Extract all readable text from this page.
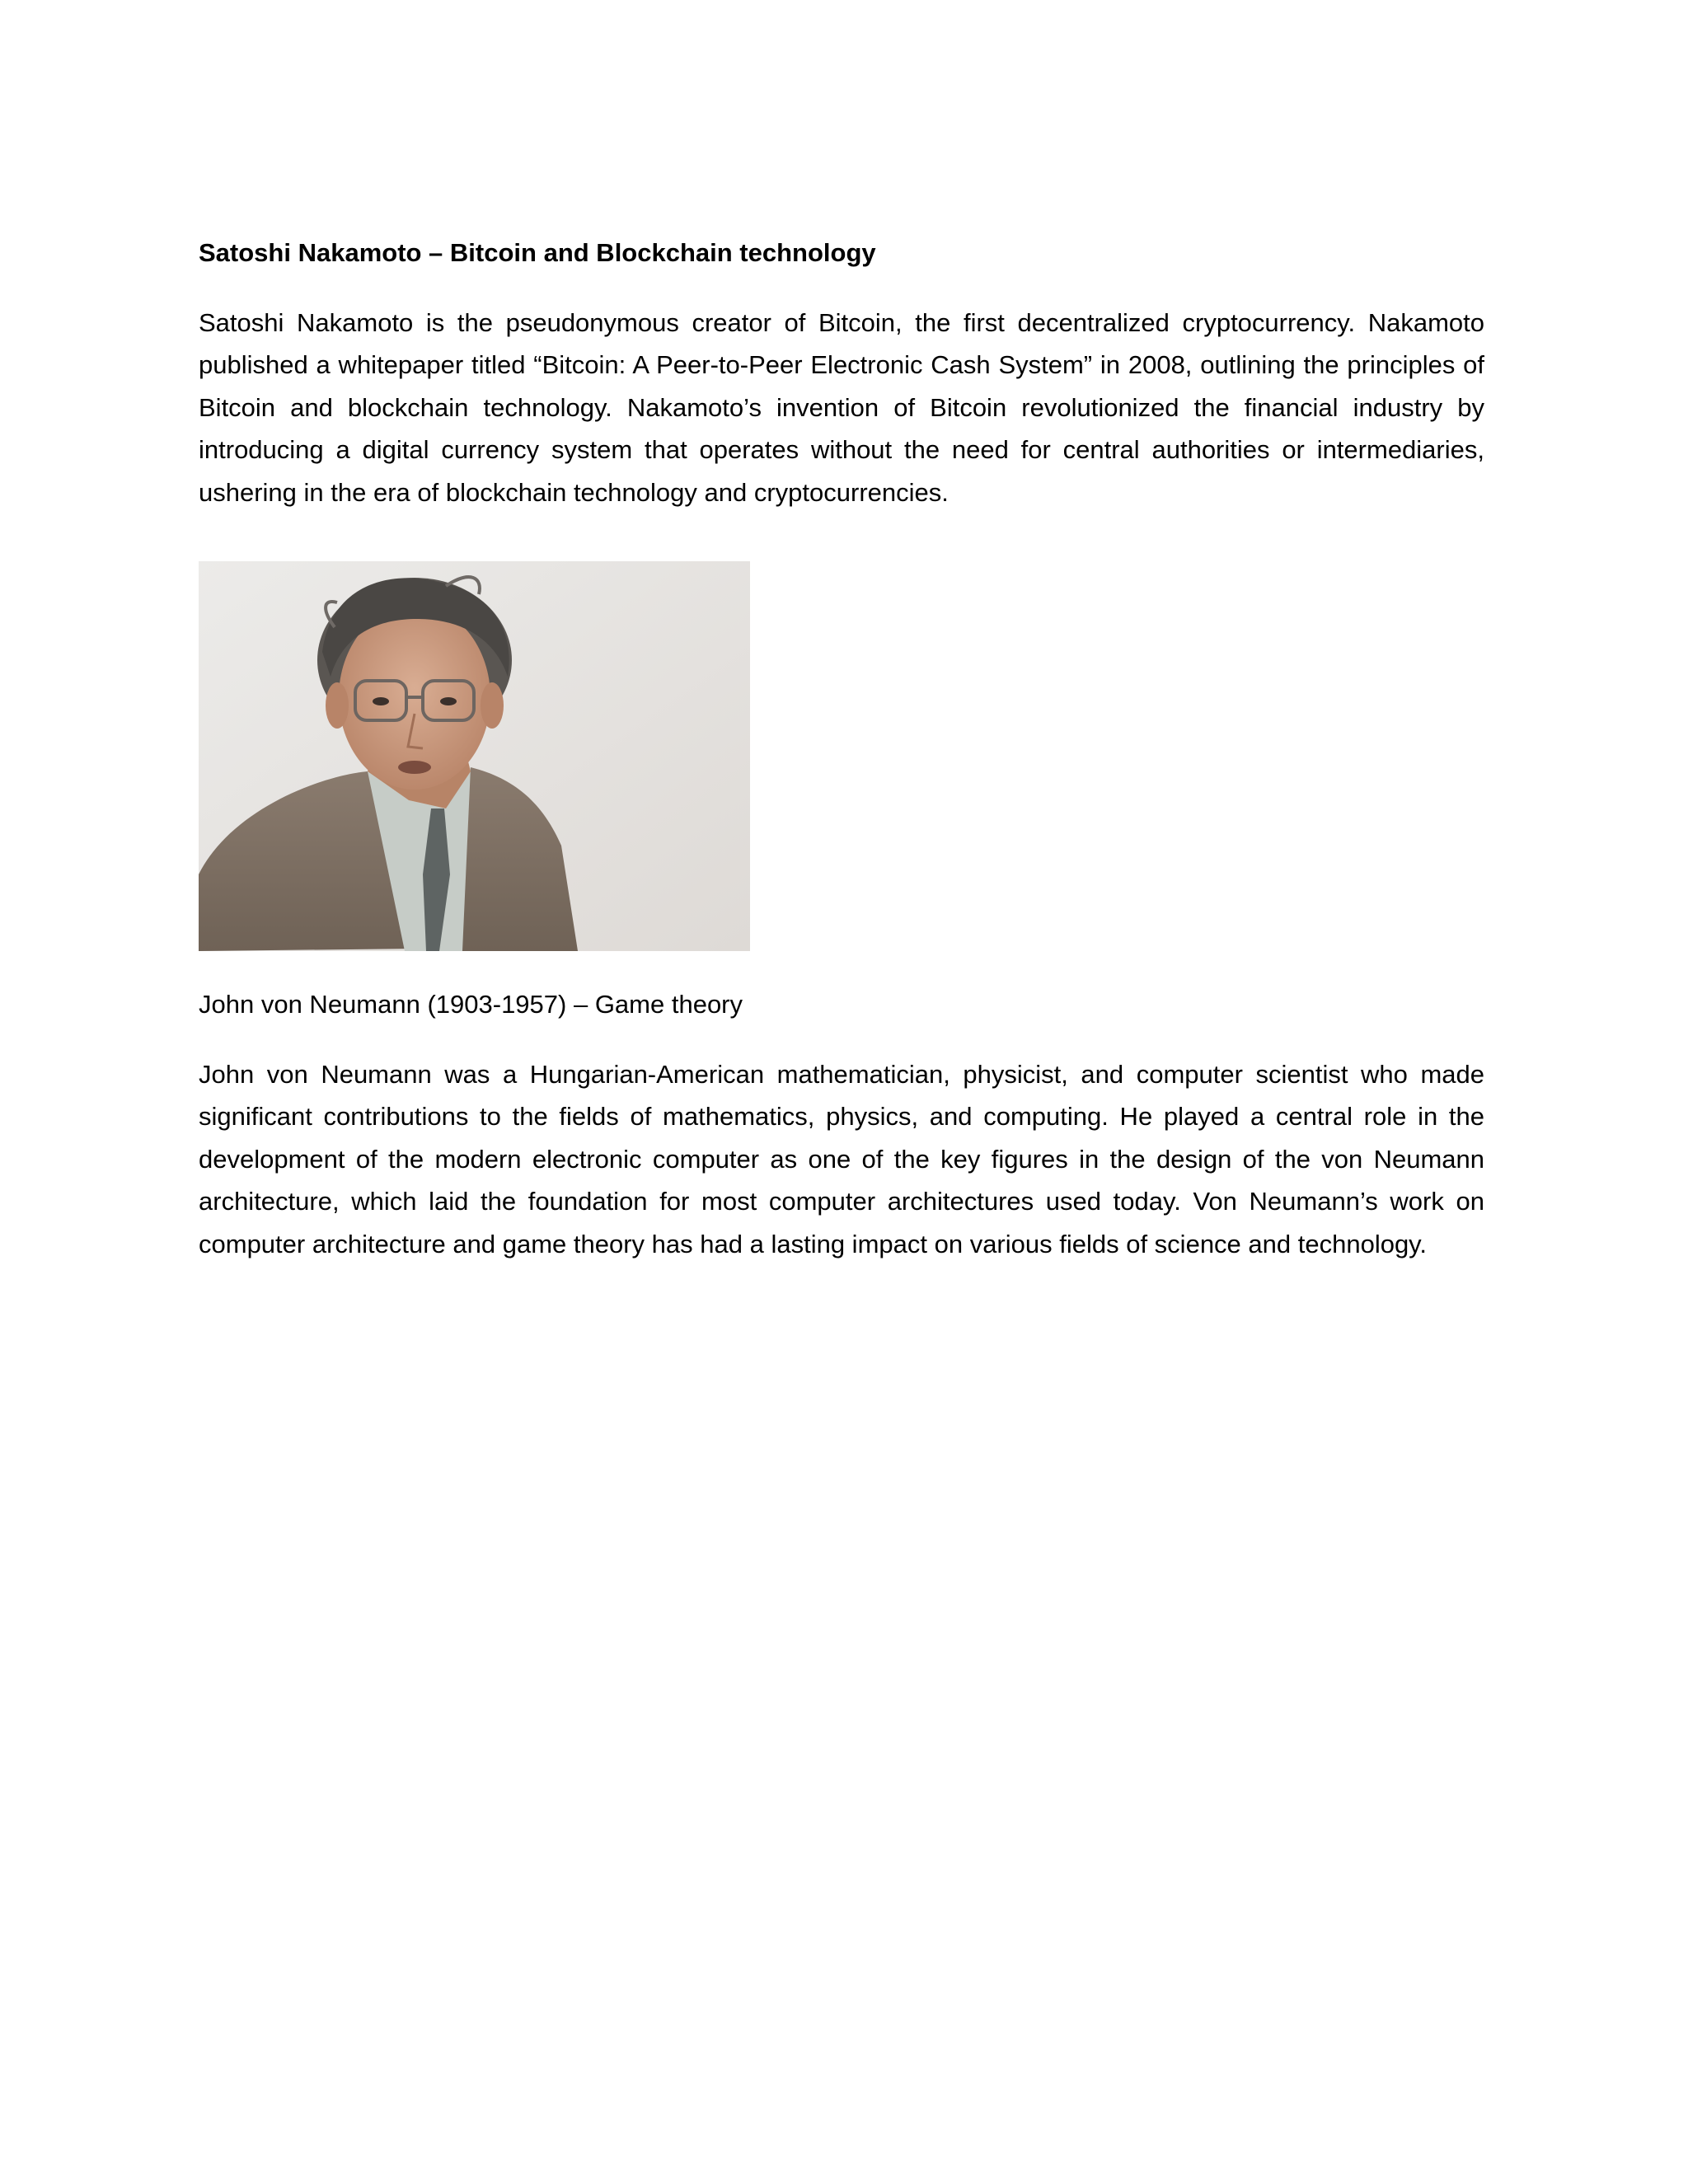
Satoshi Nakamoto – Bitcoin and Blockchain technology

Satoshi Nakamoto is the pseudonymous creator of Bitcoin, the first decentralized cryptocurrency. Nakamoto published a whitepaper titled “Bitcoin: A Peer-to-Peer Electronic Cash System” in 2008, outlining the principles of Bitcoin and blockchain technology. Nakamoto’s invention of Bitcoin revolutionized the financial industry by introducing a digital currency system that operates without the need for central authorities or intermediaries, ushering in the era of blockchain technology and cryptocurrencies.

John von Neumann (1903-1957) – Game theory

John von Neumann was a Hungarian-American mathematician, physicist, and computer scientist who made significant contributions to the fields of mathematics, physics, and computing. He played a central role in the development of the modern electronic computer as one of the key figures in the design of the von Neumann architecture, which laid the foundation for most computer architectures used today. Von Neumann’s work on computer architecture and game theory has had a lasting impact on various fields of science and technology.
